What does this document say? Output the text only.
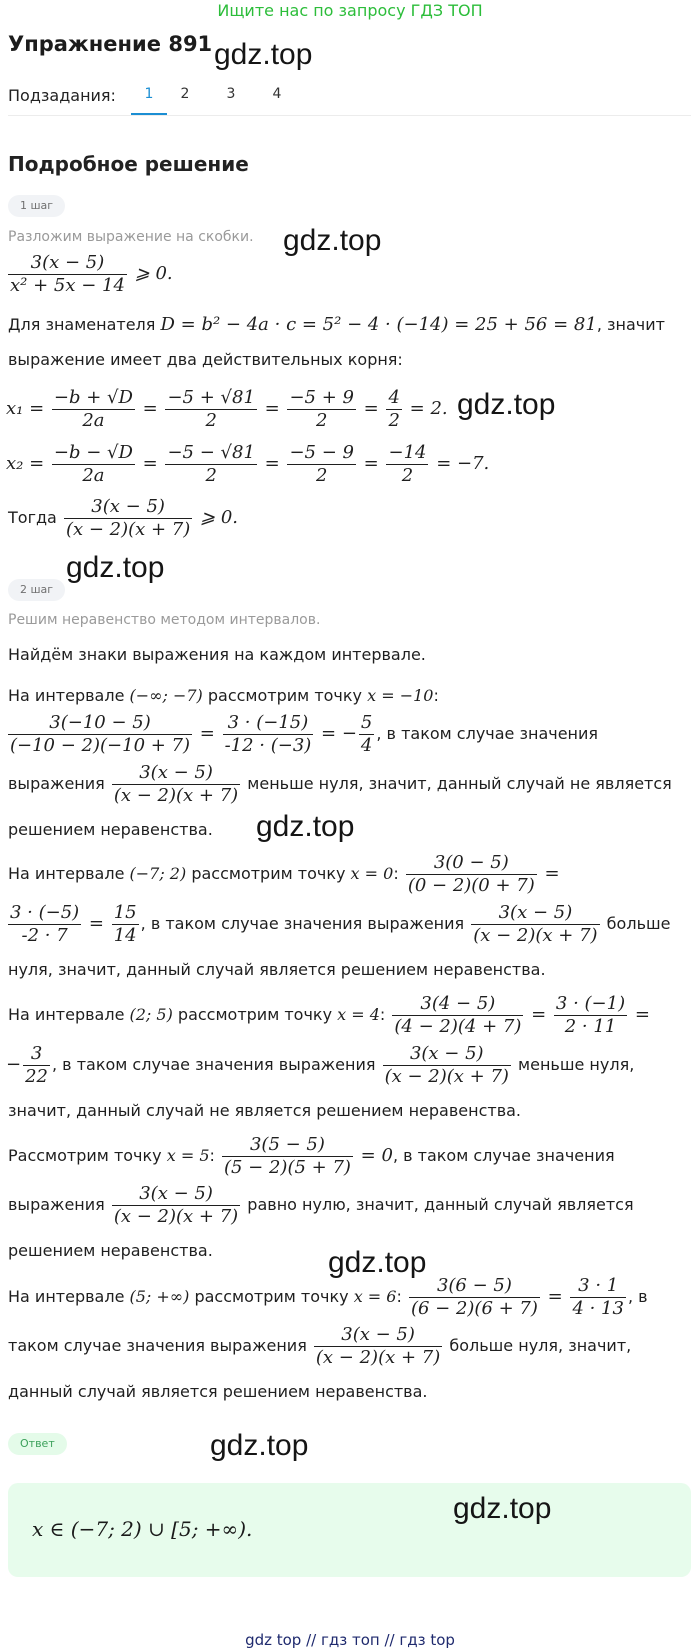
Ищите нас по запросу ГДЗ ТОП
Упражнение 891 gdz.top
Подзадания:	1	2	3	4
Подробное решение
1 шаг
Разложим выражение на скобки. gdz.top
$\frac{3(x - 5)}{\text{x² + 5x − 14}}$ ⩾ 0.
Для знаменателя D = b² − 4a · c = 5² − 4 · (−14) = 25 + 56 = 81, значит
выражение имеет два действительных корня:
$x_1 = \frac{-b + √D}{2a} = \frac{-5 + √81}{2} = \frac{-5 + 9}{2} = \frac{4}{2} = 2$. gdz.top
$x_2 = \frac{-b - √D}{2a} = \frac{-5 - √81}{2} = \frac{-5 - 9}{2} = \frac{-14}{2} = -7$.
Тогда $\frac{3(x - 5)}{(x - 2)(x + 7)}$ ⩾ 0.
gdz.top
2 шаг
Решим неравенство методом интервалов.
Найдём знаки выражения на каждом интервале.
На интервале (−∞; −7) рассмотрим точку x = −10:
$\frac{3(-10 - 5)}{(-10 - 2)(-10 + 7)} = \frac{3 \cdot (-15)}{-12 \cdot (-3)}$ = − $\frac{5}{4}$ , в таком случае значения
выражения $\frac{3(x - 5)}{(x - 2)(x + 7)}$ меньше нуля, значит, данный случай не является
решением неравенства. gdz.top
На интервале (−7; 2) рассмотрим точку x = 0: $\frac{3(0 - 5)}{(0 - 2)(0 + 7)}$ =
$\frac{3 \cdot (-5)}{-2 \cdot 7} = \frac{15}{14}$ , в таком случае значения выражения $\frac{3(x - 5)}{(x - 2)(x + 7)}$ больше
нуля, значит, данный случай является решением неравенства.
На интервале (2; 5) рассмотрим точку x = 4: $\frac{3(4 - 5)}{(4 - 2)(4 + 7)} = \frac{3 \cdot (-1)}{2 \cdot 11}$ =
− $\frac{3}{22}$ , в таком случае значения выражения $\frac{3(x - 5)}{(x - 2)(x + 7)}$ меньше нуля,
значит, данный случай не является решением неравенства.
Рассмотрим точку x = 5: $\frac{3(5 - 5)}{(5 - 2)(5 + 7)} = 0$, в таком случае значения
выражения $\frac{3(x - 5)}{(x - 2)(x + 7)}$ равно нулю, значит, данный случай является
решением неравенства.	gdz.top
На интервале (5; +∞) рассмотрим точку x = 6: $\frac{3(6 - 5)}{(6 - 2)(6 + 7)} = \frac{3 \cdot 1}{4 \cdot 13}$ , в
таком случае значения выражения $\frac{3(x - 5)}{(x - 2)(x + 7)}$ больше нуля, значит,
данный случай является решением неравенства.
Ответ	gdz.top
x ∈ (−7; 2) ∪ [5; +∞).
gdz.top
gdz top // гдз топ // гдз top
